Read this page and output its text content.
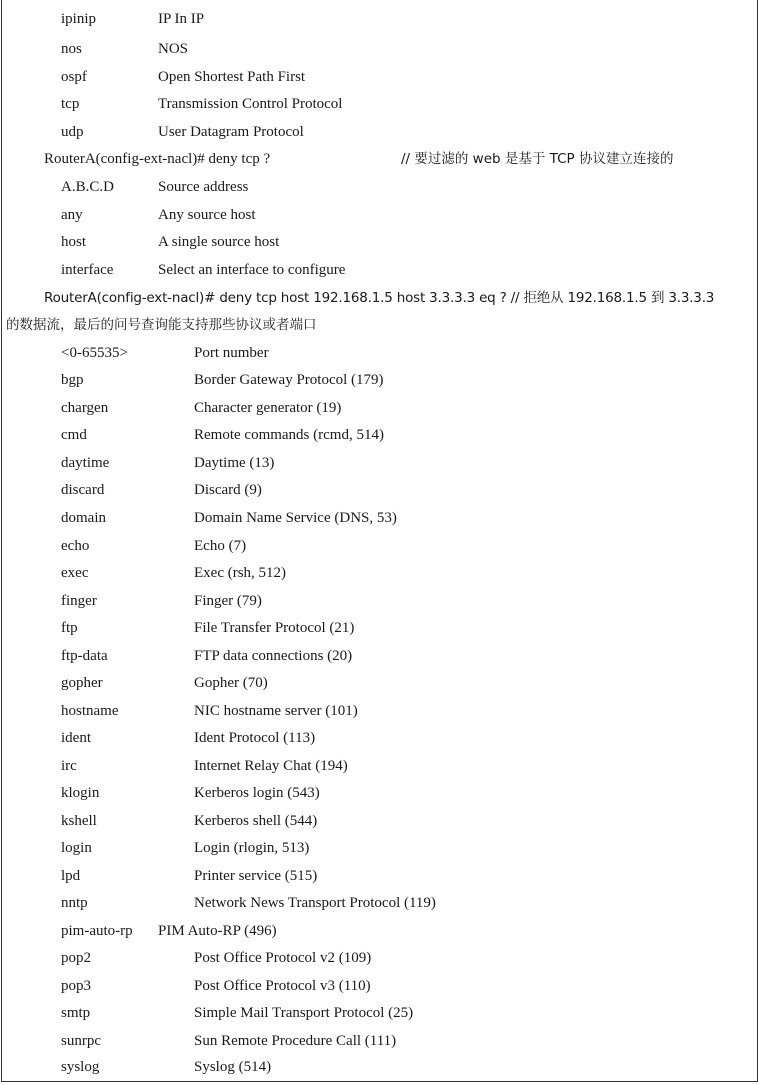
ipinip	IP In IP
nos	NOS
ospf	Open Shortest Path First
tcp	Transmission Control Protocol
udp	User Datagram Protocol
RouterA(config-ext-nacl)# deny tcp ?	// 要过滤的 web 是基于 TCP 协议建立连接的
A.B.C.D	Source address
any	Any source host
host	A single source host
interface	Select an interface to configure
RouterA(config-ext-nacl)# deny tcp host 192.168.1.5 host 3.3.3.3 eq ? // 拒绝从 192.168.1.5 到 3.3.3.3
的数据流，最后的问号查询能支持那些协议或者端口
<0-65535>	Port number
bgp	Border Gateway Protocol (179)
chargen	Character generator (19)
cmd	Remote commands (rcmd, 514)
daytime	Daytime (13)
discard	Discard (9)
domain	Domain Name Service (DNS, 53)
echo	Echo (7)
exec	Exec (rsh, 512)
finger	Finger (79)
ftp	File Transfer Protocol (21)
ftp-data	FTP data connections (20)
gopher	Gopher (70)
hostname	NIC hostname server (101)
ident	Ident Protocol (113)
irc	Internet Relay Chat (194)
klogin	Kerberos login (543)
kshell	Kerberos shell (544)
login	Login (rlogin, 513)
lpd	Printer service (515)
nntp	Network News Transport Protocol (119)
pim-auto-rp PIM Auto-RP (496)
pop2	Post Office Protocol v2 (109)
pop3	Post Office Protocol v3 (110)
smtp	Simple Mail Transport Protocol (25)
sunrpc	Sun Remote Procedure Call (111)
syslog	Syslog (514)
